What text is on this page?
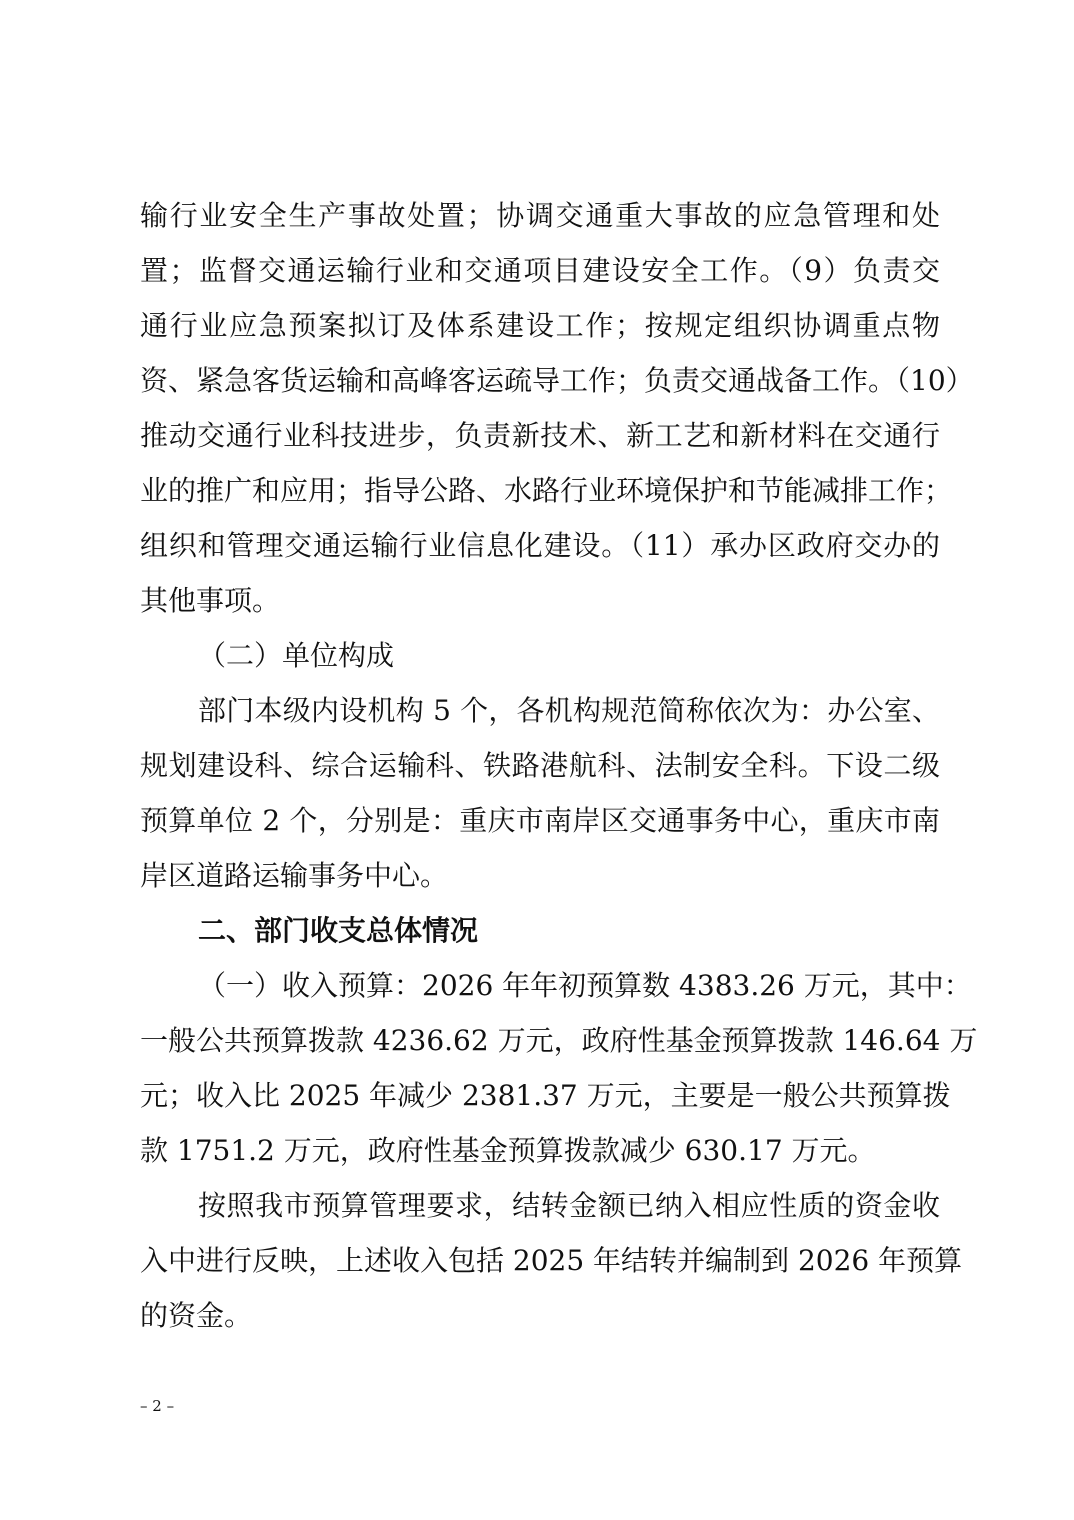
输行业安全生产事故处置；协调交通重大事故的应急管理和处
置；监督交通运输行业和交通项目建设安全工作。（9）负责交
通行业应急预案拟订及体系建设工作；按规定组织协调重点物
资、紧急客货运输和高峰客运疏导工作；负责交通战备工作。（10）
推动交通行业科技进步，负责新技术、新工艺和新材料在交通行
业的推广和应用；指导公路、水路行业环境保护和节能减排工作；
组织和管理交通运输行业信息化建设。（11）承办区政府交办的
其他事项。
（二）单位构成
部门本级内设机构 5 个，各机构规范简称依次为：办公室、
规划建设科、综合运输科、铁路港航科、法制安全科。下设二级
预算单位 2 个，分别是：重庆市南岸区交通事务中心，重庆市南
岸区道路运输事务中心。
二、部门收支总体情况
（一）收入预算：2026 年年初预算数 4383.26 万元，其中：
一般公共预算拨款 4236.62 万元，政府性基金预算拨款 146.64 万
元；收入比 2025 年减少 2381.37 万元，主要是一般公共预算拨
款 1751.2 万元，政府性基金预算拨款减少 630.17 万元。
按照我市预算管理要求，结转金额已纳入相应性质的资金收
入中进行反映，上述收入包括 2025 年结转并编制到 2026 年预算
的资金。
– 2 –
